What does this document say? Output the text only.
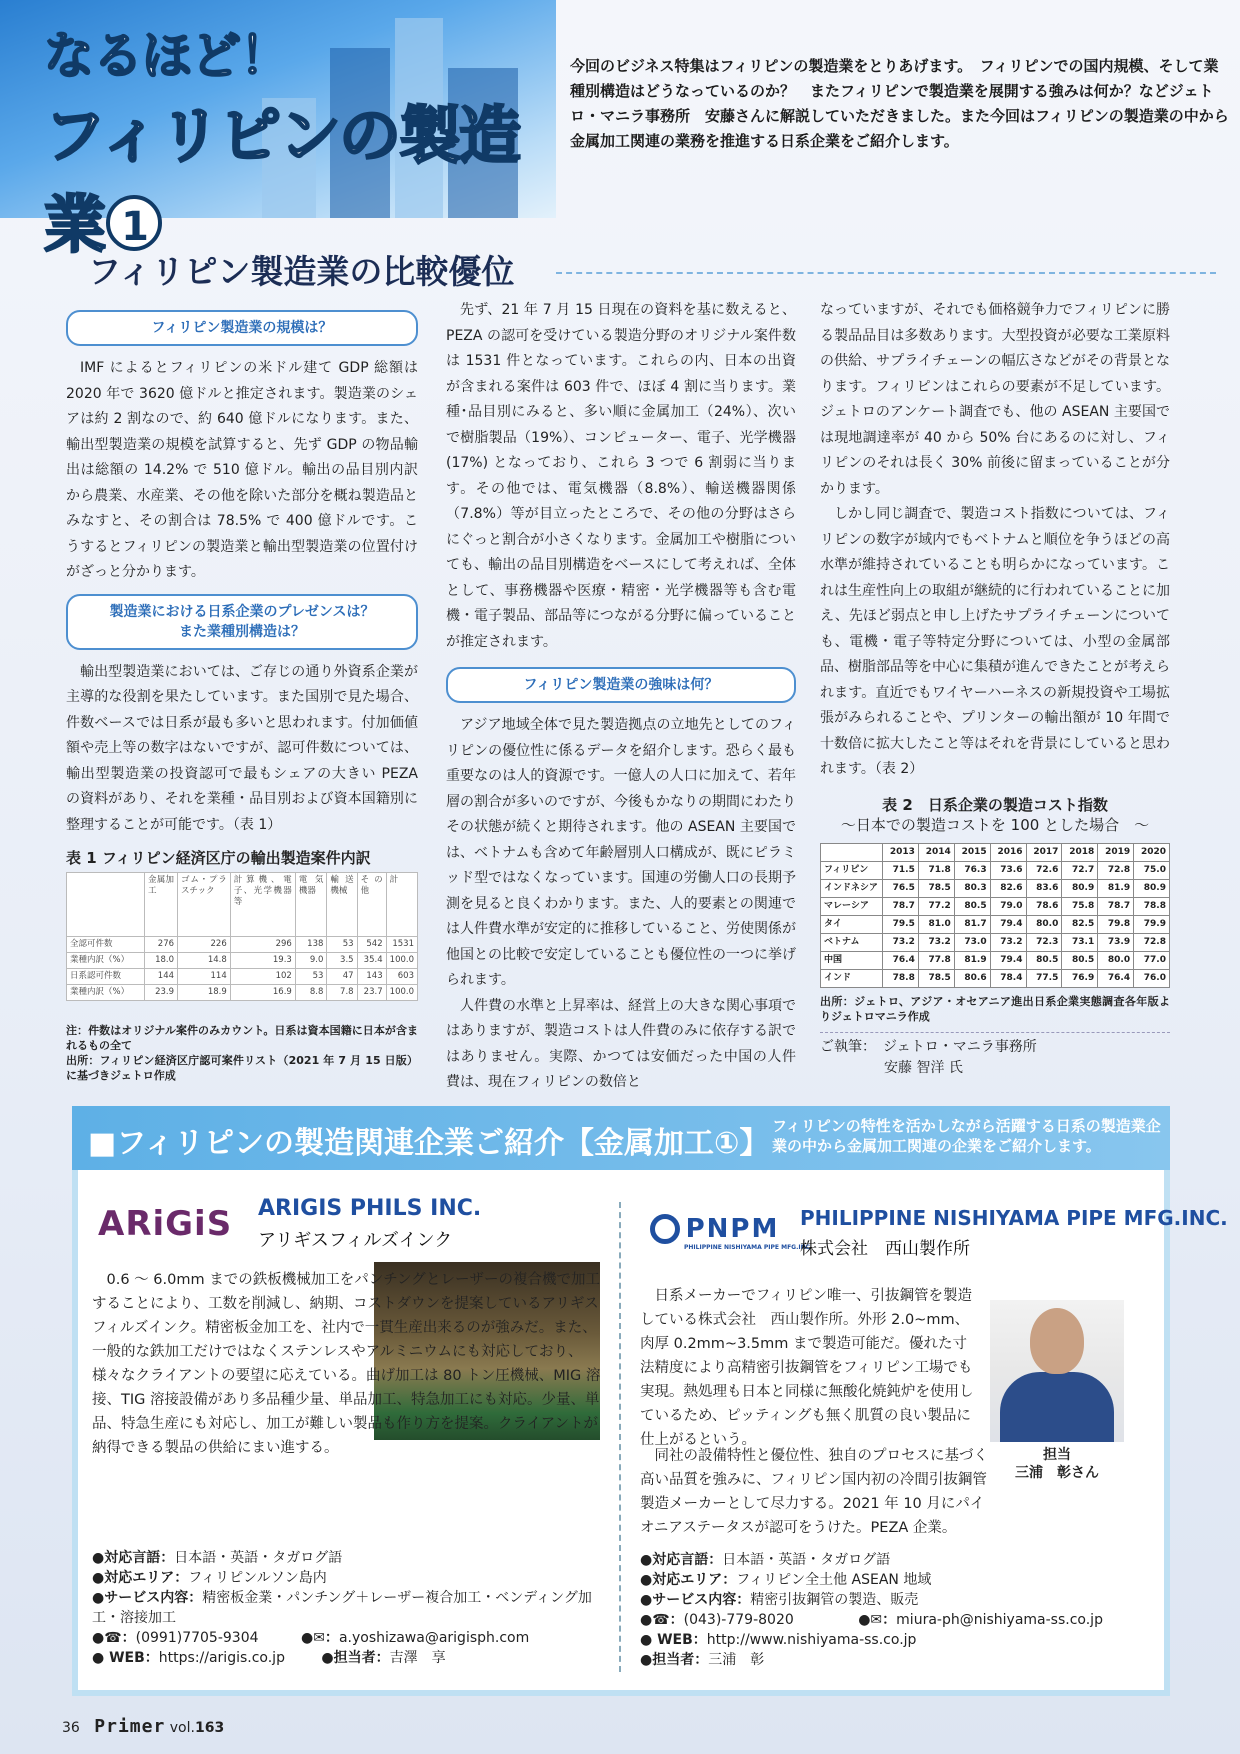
なるほど！
フィリピンの製造業 1
今回のビジネス特集はフィリピンの製造業をとりあげます。　フィリピンでの国内規模、そして業種別構造はどうなっているのか？　またフィリピンで製造業を展開する強みは何か？などジェトロ・マニラ事務所　安藤さんに解説していただきました。また今回はフィリピンの製造業の中から金属加工関連の業務を推進する日系企業をご紹介します。
フィリピン製造業の比較優位
フィリピン製造業の規模は？

IMF によるとフィリピンの米ドル建て GDP 総額は 2020 年で 3620 億ドルと推定されます。製造業のシェアは約 2 割なので、約 640 億ドルになります。また、輸出型製造業の規模を試算すると、先ず GDP の物品輸出は総額の 14.2% で 510 億ドル。輸出の品目別内訳から農業、水産業、その他を除いた部分を概ね製造品とみなすと、その割合は 78.5% で 400 億ドルです。こうするとフィリピンの製造業と輸出型製造業の位置付けがざっと分かります。

製造業における日系企業のプレゼンスは？
また業種別構造は？

輸出型製造業においては、ご存じの通り外資系企業が主導的な役割を果たしています。また国別で見た場合、件数ベースでは日系が最も多いと思われます。付加価値額や売上等の数字はないですが、認可件数については、輸出型製造業の投資認可で最もシェアの大きい PEZA の資料があり、それを業種・品目別および資本国籍別に整理することが可能です。（表 1）

表 1 フィリピン経済区庁の輸出製造案件内訳
	金属加工	ゴム・プラスチック	計算機、電子、光学機器等	電気機器	輸送機械	その他	計
全認可件数	276	226	296	138	53	542	1531
業種内訳（%）	18.0	14.8	19.3	9.0	3.5	35.4	100.0
日系認可件数	144	114	102	53	47	143	603
業種内訳（%）	23.9	18.9	16.9	8.8	7.8	23.7	100.0
注：件数はオリジナル案件のみカウント。日系は資本国籍に日本が含まれるもの全て
出所：フィリピン経済区庁認可案件リスト（2021 年 7 月 15 日版）に基づきジェトロ作成

先ず、21 年 7 月 15 日現在の資料を基に数えると、PEZA の認可を受けている製造分野のオリジナル案件数は 1531 件となっています。これらの内、日本の出資が含まれる案件は 603 件で、ほぼ 4 割に当ります。業種･品目別にみると、多い順に金属加工（24%）、次いで樹脂製品（19%）、コンピューター、電子、光学機器 (17%) となっており、これら 3 つで 6 割弱に当ります。その他では、電気機器（8.8%）、輸送機器関係（7.8%）等が目立ったところで、その他の分野はさらにぐっと割合が小さくなります。金属加工や樹脂についても、輸出の品目別構造をベースにして考えれば、全体として、事務機器や医療・精密・光学機器等も含む電機・電子製品、部品等につながる分野に偏っていることが推定されます。

フィリピン製造業の強味は何？

アジア地域全体で見た製造拠点の立地先としてのフィリピンの優位性に係るデータを紹介します。恐らく最も重要なのは人的資源です。一億人の人口に加えて、若年層の割合が多いのですが、今後もかなりの期間にわたりその状態が続くと期待されます。他の ASEAN 主要国では、ベトナムも含めて年齢層別人口構成が、既にピラミッド型ではなくなっています。国連の労働人口の長期予測を見ると良くわかります。また、人的要素との関連では人件費水準が安定的に推移していること、労使関係が他国との比較で安定していることも優位性の一つに挙げられます。

人件費の水準と上昇率は、経営上の大きな関心事項ではありますが、製造コストは人件費のみに依存する訳ではありません。実際、かつては安価だった中国の人件費は、現在フィリピンの数倍と

なっていますが、それでも価格競争力でフィリピンに勝る製品品目は多数あります。大型投資が必要な工業原料の供給、サプライチェーンの幅広さなどがその背景となります。フィリピンはこれらの要素が不足しています。ジェトロのアンケート調査でも、他の ASEAN 主要国では現地調達率が 40 から 50% 台にあるのに対し、フィリピンのそれは長く 30% 前後に留まっていることが分かります。

しかし同じ調査で、製造コスト指数については、フィリピンの数字が域内でもベトナムと順位を争うほどの高水準が維持されていることも明らかになっています。これは生産性向上の取組が継続的に行われていることに加え、先ほど弱点と申し上げたサプライチェーンについても、電機・電子等特定分野については、小型の金属部品、樹脂部品等を中心に集積が進んできたことが考えられます。直近でもワイヤーハーネスの新規投資や工場拡張がみられることや、プリンターの輸出額が 10 年間で十数倍に拡大したこと等はそれを背景にしていると思われます。（表 2）

表 2　日系企業の製造コスト指数
～日本での製造コストを 100 とした場合　～
	2013	2014	2015	2016	2017	2018	2019	2020
フィリピン	71.5	71.8	76.3	73.6	72.6	72.7	72.8	75.0
インドネシア	76.5	78.5	80.3	82.6	83.6	80.9	81.9	80.9
マレーシア	78.7	77.2	80.5	79.0	78.6	75.8	78.7	78.8
タイ	79.5	81.0	81.7	79.4	80.0	82.5	79.8	79.9
ベトナム	73.2	73.2	73.0	73.2	72.3	73.1	73.9	72.8
中国	76.4	77.8	81.9	79.4	80.5	80.5	80.0	77.0
インド	78.8	78.5	80.6	78.4	77.5	76.9	76.4	76.0
出所：ジェトロ、アジア・オセアニア進出日系企業実態調査各年版よりジェトロマニラ作成
ご執筆：　 ジェトロ・マニラ事務所
安藤 智洋 氏
■フィリピンの製造関連企業ご紹介【金属加工①】 フィリピンの特性を活かしながら活躍する日系の製造業企業の中から金属加工関連の企業をご紹介します。
ARiGiS ARIGIS PHILS INC.
アリギスフィルズインク

0.6 ～ 6.0mm までの鉄板機械加工をパンチングとレーザーの複合機で加工することにより、工数を削減し、納期、コストダウンを提案しているアリギスフィルズインク。精密板金加工を、社内で一貫生産出来るのが強みだ。また、一般的な鉄加工だけではなくステンレスやアルミニウムにも対応しており、様々なクライアントの要望に応えている。曲げ加工は 80 トン圧機械、MIG 溶接、TIG 溶接設備があり多品種少量、単品加工、特急加工にも対応。少量、単品、特急生産にも対応し、加工が難しい製品も作り方を提案。クライアントが納得できる製品の供給にまい進する。

●対応言語：日本語・英語・タガログ語
●対応エリア：フィリピンルソン島内
●サービス内容：精密板金業・パンチング＋レーザー複合加工・ベンディング加工・溶接加工
●☎：(0991)7705-9304	●✉：a.yoshizawa@arigisph.com
● WEB：https://arigis.co.jp	●担当者：吉澤　享
PNPM
PHILIPPINE NISHIYAMA PIPE MFG.INC
PHILIPPINE NISHIYAMA PIPE MFG.INC.
株式会社　西山製作所

日系メーカーでフィリピン唯一、引抜鋼管を製造している株式会社　西山製作所。外形 2.0~mm、肉厚 0.2mm~3.5mm まで製造可能だ。優れた寸法精度により高精密引抜鋼管をフィリピン工場でも実現。熱処理も日本と同様に無酸化焼鈍炉を使用しているため、ピッティングも無く肌質の良い製品に仕上がるという。

担当
三浦　彰さん

同社の設備特性と優位性、独自のプロセスに基づく高い品質を強みに、フィリピン国内初の冷間引抜鋼管製造メーカーとして尽力する。2021 年 10 月にパイオニアステータスが認可をうけた。PEZA 企業。

●対応言語：日本語・英語・タガログ語
●対応エリア：フィリピン全土他 ASEAN 地域
●サービス内容：精密引抜鋼管の製造、販売
●☎：(043)-779-8020	●✉：miura-ph@nishiyama-ss.co.jp
● WEB：http://www.nishiyama-ss.co.jp
●担当者：三浦　彰
36 Primer vol.163
